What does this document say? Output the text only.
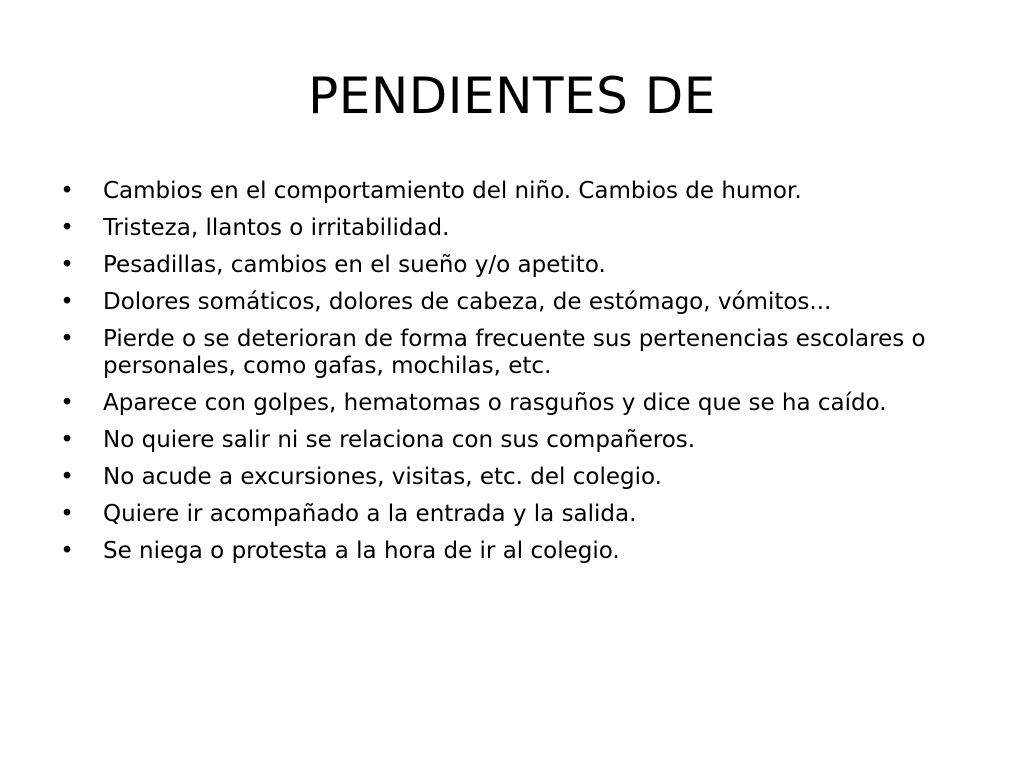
PENDIENTES DE
• Cambios en el comportamiento del niño. Cambios de humor.
• Tristeza, llantos o irritabilidad.
• Pesadillas, cambios en el sueño y/o apetito.
• Dolores somáticos, dolores de cabeza, de estómago, vómitos...
• Pierde o se deterioran de forma frecuente sus pertenencias escolares o personales, como gafas, mochilas, etc.
• Aparece con golpes, hematomas o rasguños y dice que se ha caído.
• No quiere salir ni se relaciona con sus compañeros.
• No acude a excursiones, visitas, etc. del colegio.
• Quiere ir acompañado a la entrada y la salida.
• Se niega o protesta a la hora de ir al colegio.
